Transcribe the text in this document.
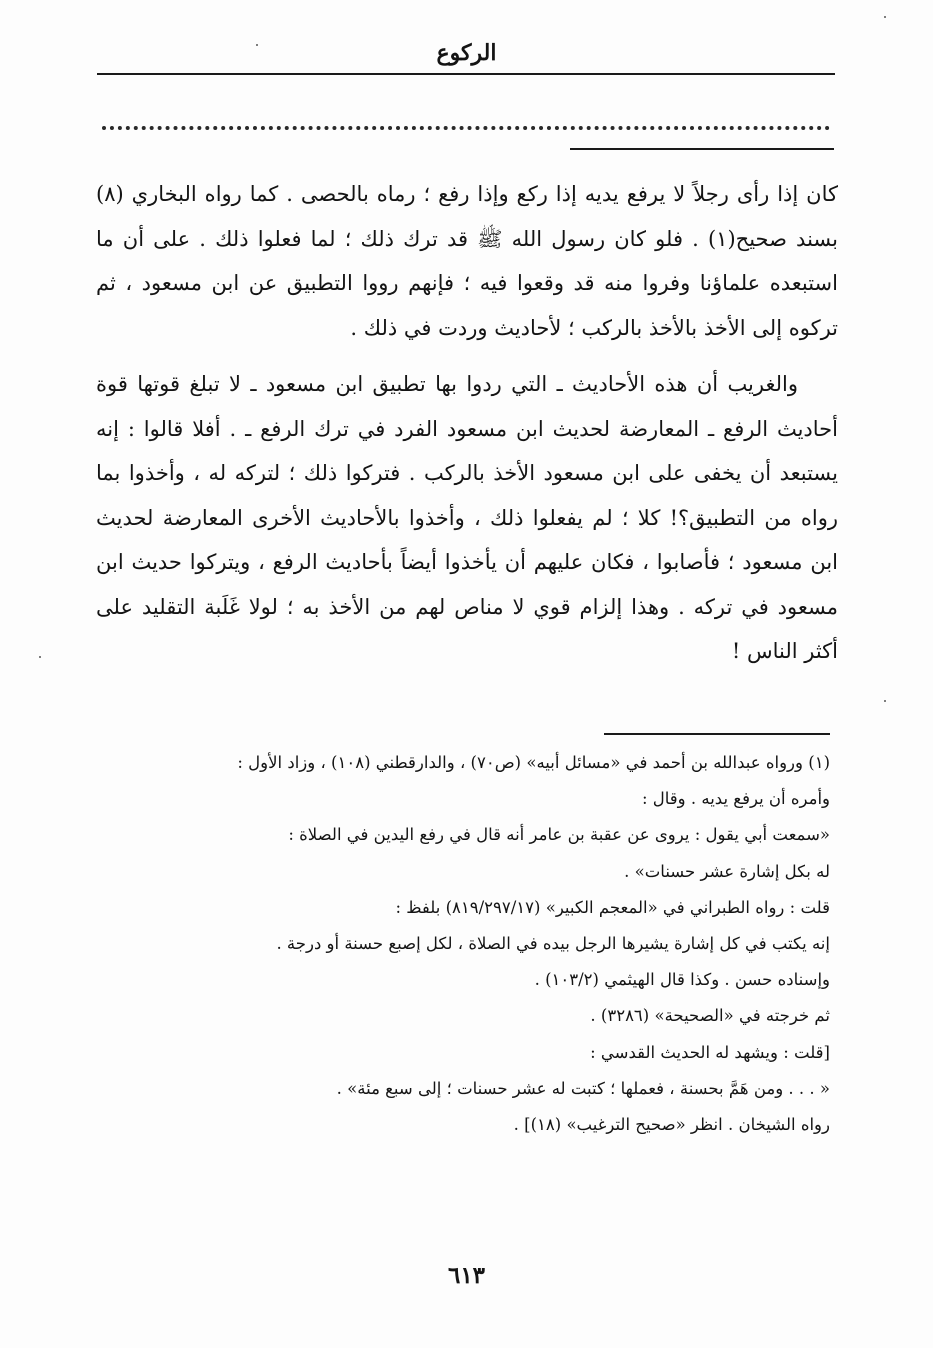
الركوع

كان إذا رأى رجلاً لا يرفع يديه إذا ركع وإذا رفع ؛ رماه بالحصى . كما رواه البخاري (٨) بسند صحيح(١) . فلو كان رسول الله ﷺ قد ترك ذلك ؛ لما فعلوا ذلك . على أن ما استبعده علماؤنا وفروا منه قد وقعوا فيه ؛ فإنهم رووا التطبيق عن ابن مسعود ، ثم تركوه إلى الأخذ بالأخذ بالركب ؛ لأحاديث وردت في ذلك .

والغريب أن هذه الأحاديث ـ التي ردوا بها تطبيق ابن مسعود ـ لا تبلغ قوتها قوة أحاديث الرفع ـ المعارضة لحديث ابن مسعود الفرد في ترك الرفع ـ . أفلا قالوا : إنه يستبعد أن يخفى على ابن مسعود الأخذ بالركب . فتركوا ذلك ؛ لتركه له ، وأخذوا بما رواه من التطبيق؟! كلا ؛ لم يفعلوا ذلك ، وأخذوا بالأحاديث الأخرى المعارضة لحديث ابن مسعود ؛ فأصابوا ، فكان عليهم أن يأخذوا أيضاً بأحاديث الرفع ، ويتركوا حديث ابن مسعود في تركه . وهذا إلزام قوي لا مناص لهم من الأخذ به ؛ لولا غَلَبة التقليد على أكثر الناس !

(١) ورواه عبدالله بن أحمد في «مسائل أبيه» (ص٧٠) ، والدارقطني (١٠٨) ، وزاد الأول :
وأمره أن يرفع يديه . وقال :
«سمعت أبي يقول : يروى عن عقبة بن عامر أنه قال في رفع اليدين في الصلاة :
له بكل إشارة عشر حسنات» .
قلت : رواه الطبراني في «المعجم الكبير» (٨١٩/٢٩٧/١٧) بلفظ :
إنه يكتب في كل إشارة يشيرها الرجل بيده في الصلاة ، لكل إصبع حسنة أو درجة .
وإسناده حسن . وكذا قال الهيثمي (١٠٣/٢) .
ثم خرجته في «الصحيحة» (٣٢٨٦) .
[قلت : ويشهد له الحديث القدسي :
« . . . ومن هَمَّ بحسنة ، فعملها ؛ كتبت له عشر حسنات ؛ إلى سبع مئة» .
رواه الشيخان . انظر «صحيح الترغيب» (١٨)] .
٦١٣
